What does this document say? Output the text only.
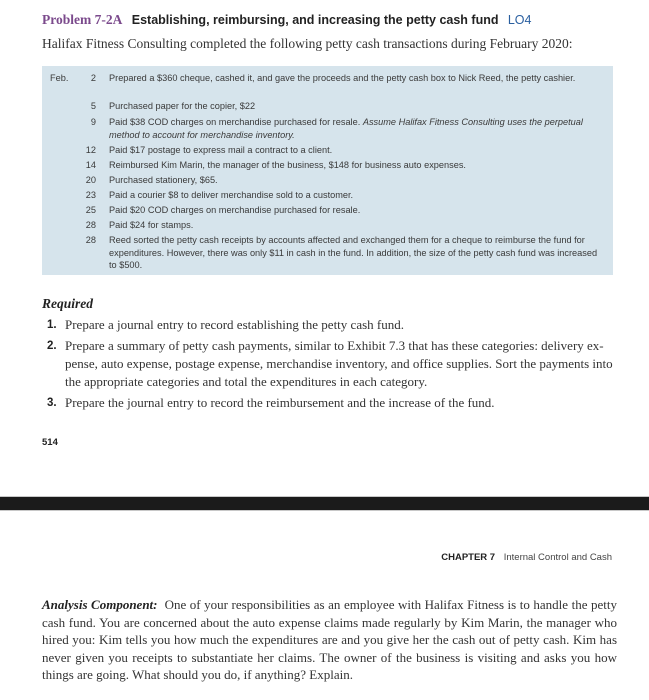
Problem 7-2A Establishing, reimbursing, and increasing the petty cash fund LO4
Halifax Fitness Consulting completed the following petty cash transactions during February 2020:
Feb.	2 Prepared a $360 cheque, cashed it, and gave the proceeds and the petty cash box to Nick Reed, the petty cashier.
5 Purchased paper for the copier, $22
9 Paid $38 COD charges on merchandise purchased for resale. Assume Halifax Fitness Consulting uses the perpetual method to account for merchandise inventory.
12 Paid $17 postage to express mail a contract to a client.
14 Reimbursed Kim Marin, the manager of the business, $148 for business auto expenses.
20 Purchased stationery, $65.
23 Paid a courier $8 to deliver merchandise sold to a customer.
25 Paid $20 COD charges on merchandise purchased for resale.
28 Paid $24 for stamps.
28 Reed sorted the petty cash receipts by accounts affected and exchanged them for a cheque to reimburse the fund for expenditures. However, there was only $11 in cash in the fund. In addition, the size of the petty cash fund was increased to $500.
Required
1. Prepare a journal entry to record establishing the petty cash fund.
2. Prepare a summary of petty cash payments, similar to Exhibit 7.3 that has these categories: delivery ex-pense, auto expense, postage expense, merchandise inventory, and office supplies. Sort the payments into the appropriate categories and total the expenditures in each category.
3. Prepare the journal entry to record the reimbursement and the increase of the fund.
514
CHAPTER 7 Internal Control and Cash
Analysis Component: One of your responsibilities as an employee with Halifax Fitness is to handle the petty cash fund. You are concerned about the auto expense claims made regularly by Kim Marin, the manager who hired you: Kim tells you how much the expenditures are and you give her the cash out of petty cash. Kim has never given you receipts to substantiate her claims. The owner of the business is visiting and asks you how things are going. What should you do, if anything? Explain.
